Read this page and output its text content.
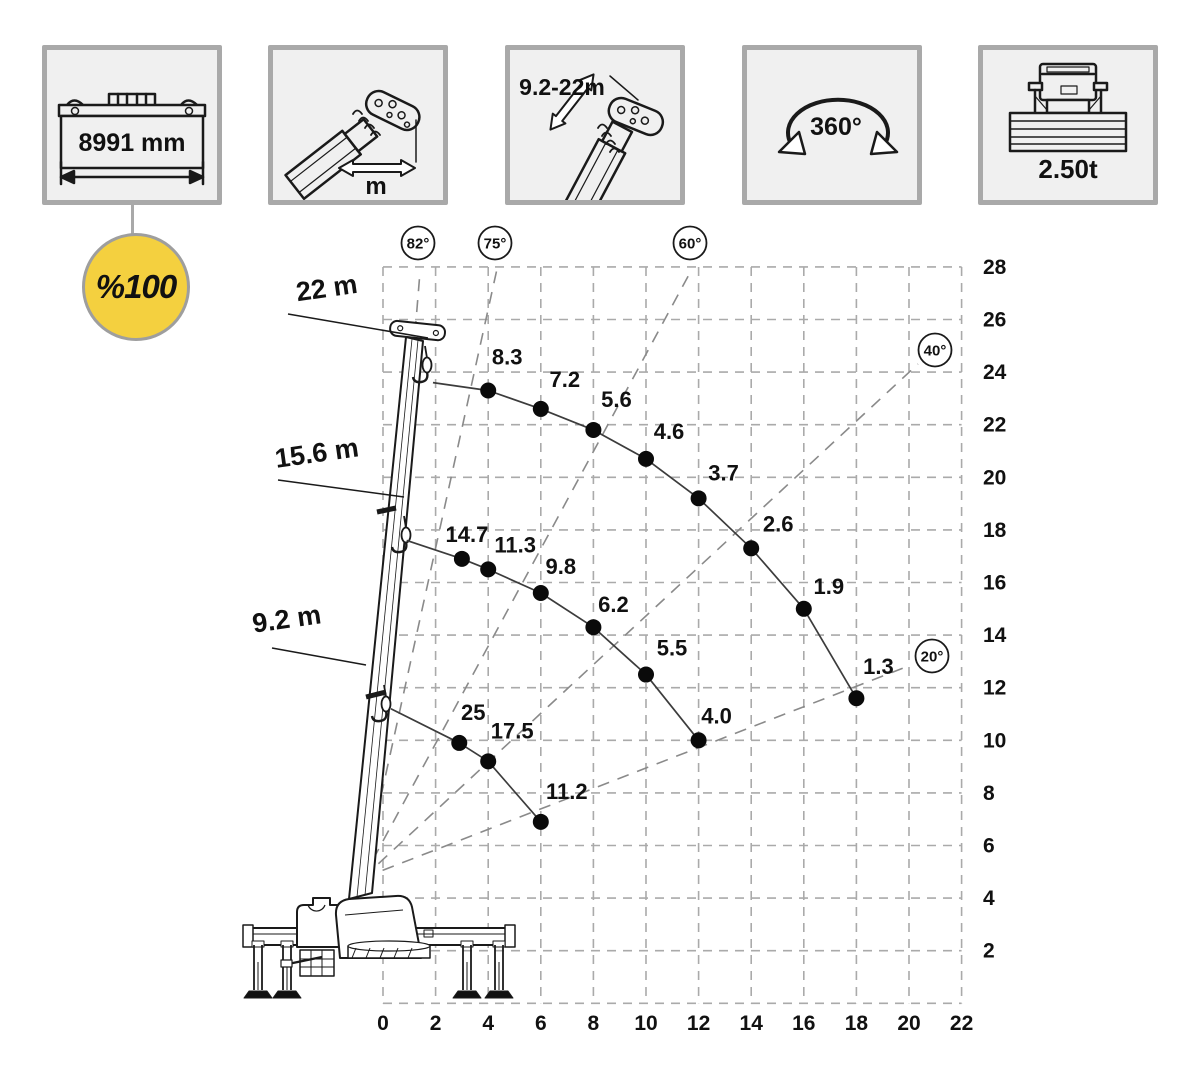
8991 mm
m
9.2-22m
360°
2.50t
%100
8.3
7.2
5.6
4.6
3.7
2.6
1.9
1.3
14.7 11.3
9.8
6.2
5.5
4.0
25
17.5
11.2
0 2 4 6 8 10 12 14 16 18 20 22
2
4
6
8
10
12
14
16
18
20
22
24
26
28
82°	75°	60°
40°
20°
22 m
15.6 m
9.2 m
